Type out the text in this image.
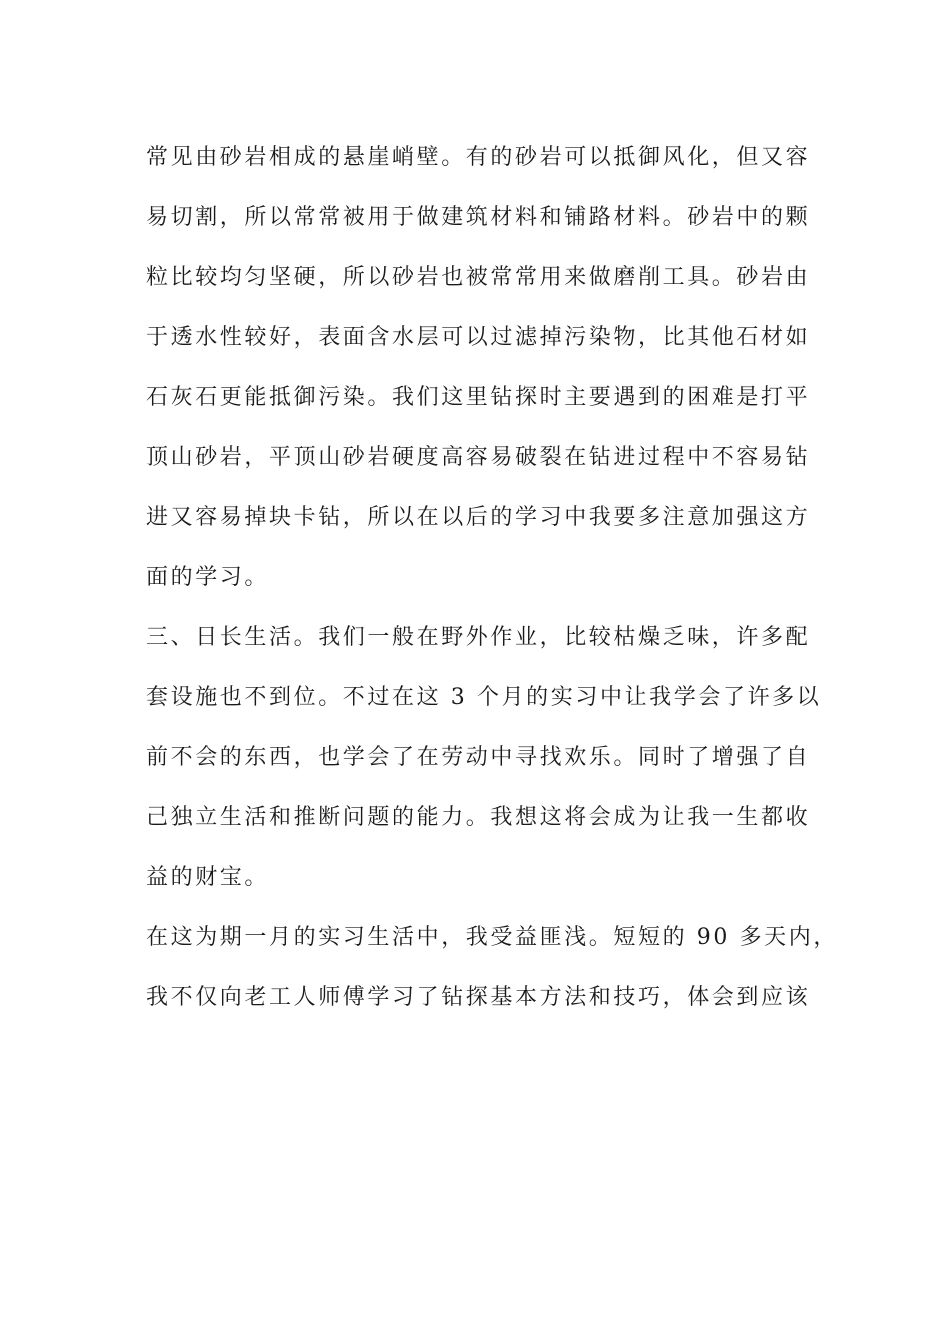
常见由砂岩相成的悬崖峭壁。有的砂岩可以抵御风化，但又容
易切割，所以常常被用于做建筑材料和铺路材料。砂岩中的颗
粒比较均匀坚硬，所以砂岩也被常常用来做磨削工具。砂岩由
于透水性较好，表面含水层可以过滤掉污染物，比其他石材如
石灰石更能抵御污染。我们这里钻探时主要遇到的困难是打平
顶山砂岩，平顶山砂岩硬度高容易破裂在钻进过程中不容易钻
进又容易掉块卡钻，所以在以后的学习中我要多注意加强这方
面的学习。
三、日长生活。我们一般在野外作业，比较枯燥乏味，许多配
套设施也不到位。不过在这 3 个月的实习中让我学会了许多以
前不会的东西，也学会了在劳动中寻找欢乐。同时了增强了自
己独立生活和推断问题的能力。我想这将会成为让我一生都收
益的财宝。
在这为期一月的实习生活中，我受益匪浅。短短的 90 多天内，
我不仅向老工人师傅学习了钻探基本方法和技巧，体会到应该
